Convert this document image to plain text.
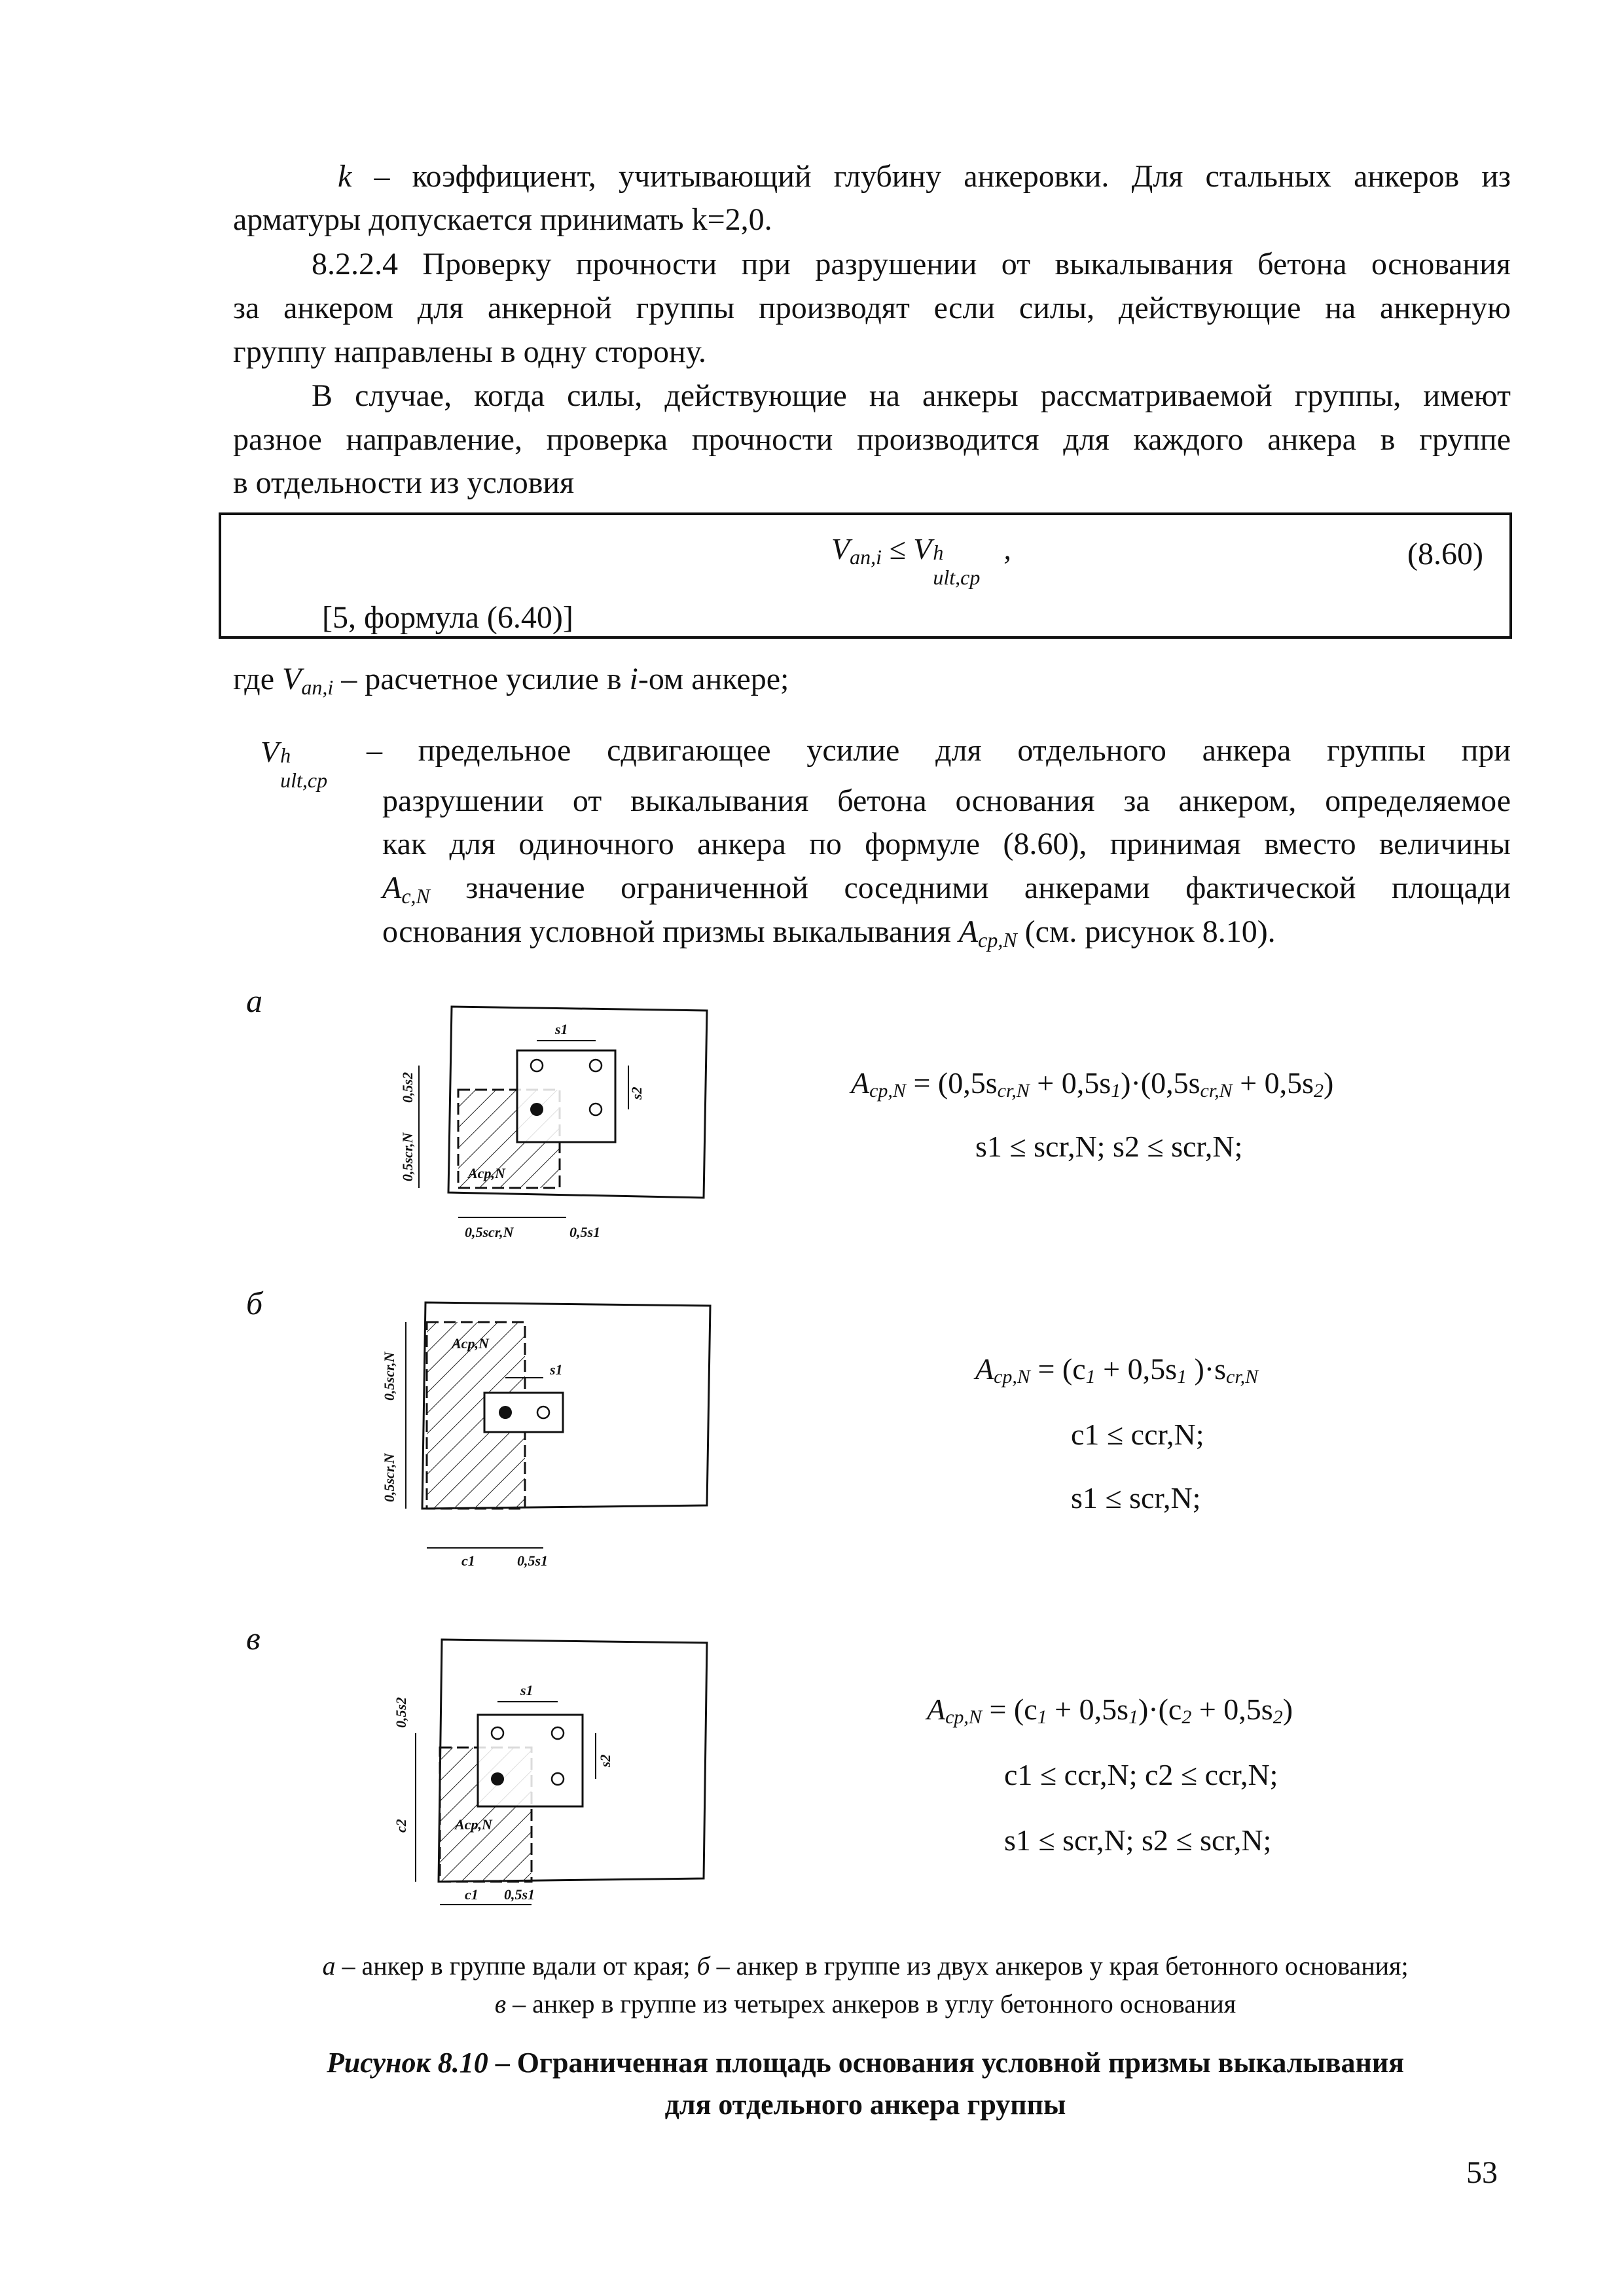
k – коэффициент, учитывающий глубину анкеровки. Для стальных анкеров из
арматуры допускается принимать k=2,0.
8.2.2.4 Проверку прочности при разрушении от выкалывания бетона основания
за анкером для анкерной группы производят если силы, действующие на анкерную
группу направлены в одну сторону.
В случае, когда силы, действующие на анкеры рассматриваемой группы, имеют
разное направление, проверка прочности производится для каждого анкера в группе
в отдельности из условия
$V_{an,i} \le V$ h
ult,cp
,	(8.60)
[5, формула (6.40)]
где $V_{an,i}$ – расчетное усилие в i-ом анкере;
V h
ult,cp
– предельное сдвигающее усилие для отдельного анкера группы при
разрушении от выкалывания бетона основания за анкером, определяемое
как для одиночного анкера по формуле (8.60), принимая вместо величины
$A_{c,N}$ значение ограниченной соседними анкерами фактической площади
основания условной призмы выкалывания $A_{cp,N}$ (см. рисунок 8.10).
а
б
в
s1
s2
0,5s2
0,5scr,N	Acp,N
0,5scr,N	0,5s1
Acp,N = (0,5scr,N + 0,5s1)·(0,5scr,N + 0,5s2)
s1 ≤ scr,N; s2 ≤ scr,N;
Acp,N
s1
0,5scr,N
0,5scr,N
c1	0,5s1
Acp,N = (c1 + 0,5s1 )·scr,N
c1 ≤ ccr,N;
s1 ≤ scr,N;
s1
s2
0,5s2
c2	Acp,N
c1 0,5s1
Acp,N = (c1 + 0,5s1)·(c2 + 0,5s2)
c1 ≤ ccr,N; c2 ≤ ccr,N;
s1 ≤ scr,N; s2 ≤ scr,N;
а – анкер в группе вдали от края; б – анкер в группе из двух анкеров у края бетонного основания;
в – анкер в группе из четырех анкеров в углу бетонного основания
Рисунок 8.10 – Ограниченная площадь основания условной призмы выкалывания
для отдельного анкера группы
53
